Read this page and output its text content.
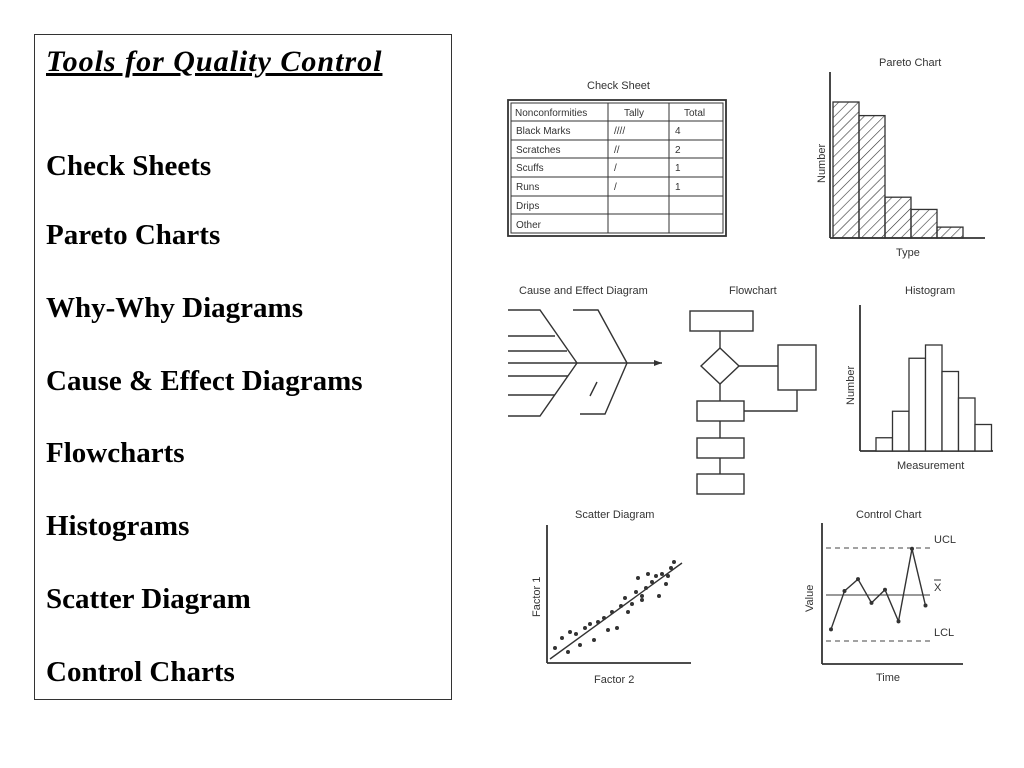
Tools for Quality Control
Check Sheets
Pareto Charts
Why-Why Diagrams
Cause & Effect Diagrams
Flowcharts
Histograms
Scatter Diagram
Control Charts
Check Sheet
Nonconformities	Tally	Total
Black Marks	////	4
Scratches	//	2
Scuffs	/	1
Runs	/	1
Drips
Other
Pareto Chart
Number
Type
Cause and Effect Diagram	Flowchart	Histogram
Number
Measurement
Scatter Diagram
Factor 1
Factor 2
Control Chart
UCL
X
LCL
Value
Time
